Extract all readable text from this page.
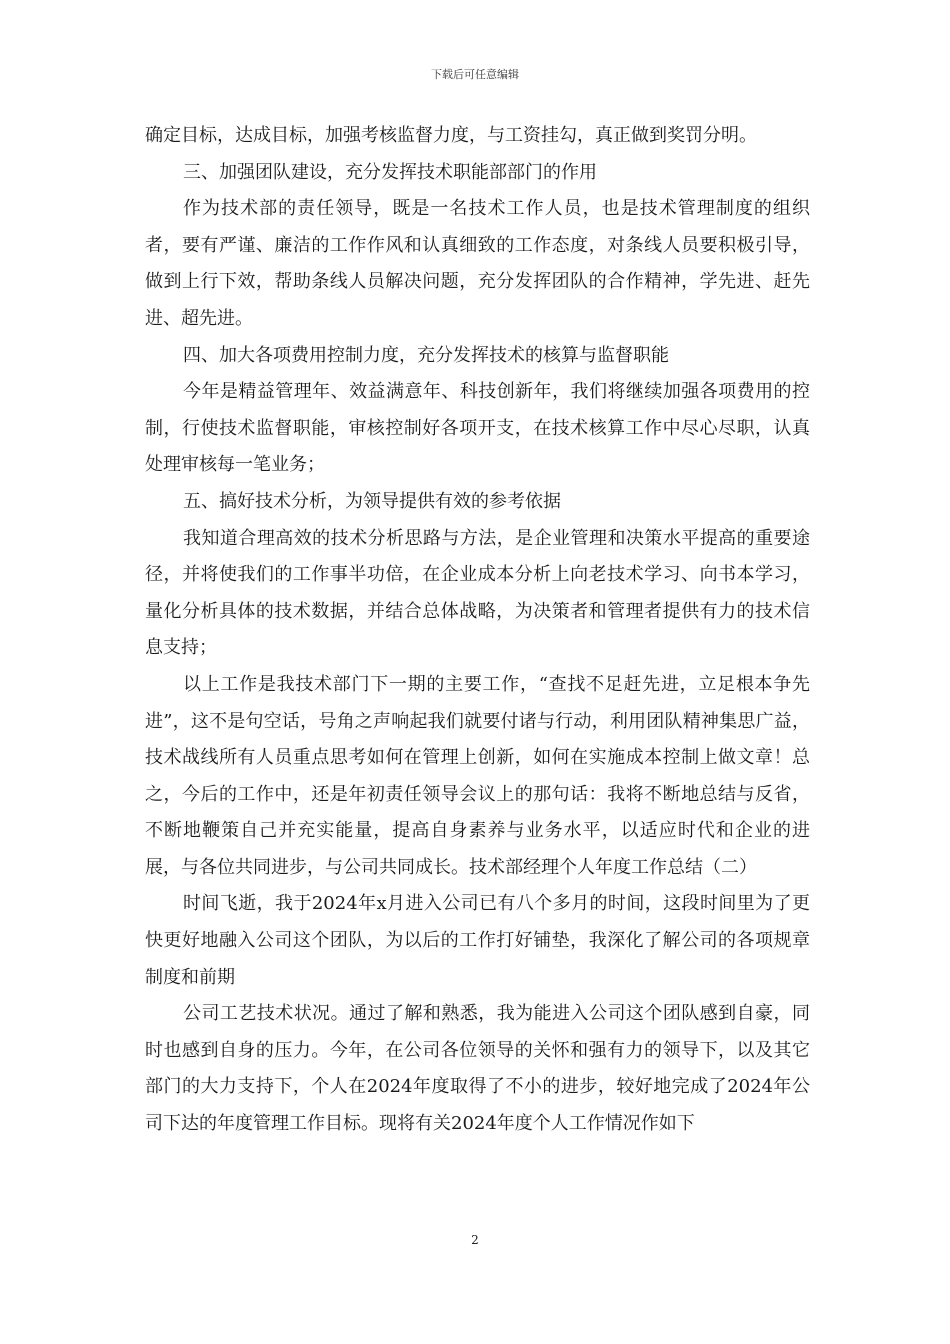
下载后可任意编辑

确定目标，达成目标，加强考核监督力度，与工资挂勾，真正做到奖罚分明。

三、加强团队建设，充分发挥技术职能部部门的作用

作为技术部的责任领导，既是一名技术工作人员，也是技术管理制度的组织者，要有严谨、廉洁的工作作风和认真细致的工作态度，对条线人员要积极引导，做到上行下效，帮助条线人员解决问题，充分发挥团队的合作精神，学先进、赶先进、超先进。

四、加大各项费用控制力度，充分发挥技术的核算与监督职能

今年是精益管理年、效益满意年、科技创新年，我们将继续加强各项费用的控制，行使技术监督职能，审核控制好各项开支，在技术核算工作中尽心尽职，认真处理审核每一笔业务；

五、搞好技术分析，为领导提供有效的参考依据

我知道合理高效的技术分析思路与方法，是企业管理和决策水平提高的重要途径，并将使我们的工作事半功倍，在企业成本分析上向老技术学习、向书本学习，量化分析具体的技术数据，并结合总体战略，为决策者和管理者提供有力的技术信息支持；

以上工作是我技术部门下一期的主要工作，“查找不足赶先进，立足根本争先进”，这不是句空话，号角之声响起我们就要付诸与行动，利用团队精神集思广益，技术战线所有人员重点思考如何在管理上创新，如何在实施成本控制上做文章！总之，今后的工作中，还是年初责任领导会议上的那句话：我将不断地总结与反省，不断地鞭策自己并充实能量，提高自身素养与业务水平，以适应时代和企业的进展，与各位共同进步，与公司共同成长。技术部经理个人年度工作总结（二）

时间飞逝，我于2024年x月进入公司已有八个多月的时间，这段时间里为了更快更好地融入公司这个团队，为以后的工作打好铺垫，我深化了解公司的各项规章制度和前期

公司工艺技术状况。通过了解和熟悉，我为能进入公司这个团队感到自豪，同时也感到自身的压力。今年，在公司各位领导的关怀和强有力的领导下，以及其它部门的大力支持下，个人在2024年度取得了不小的进步，较好地完成了2024年公司下达的年度管理工作目标。现将有关2024年度个人工作情况作如下

2
